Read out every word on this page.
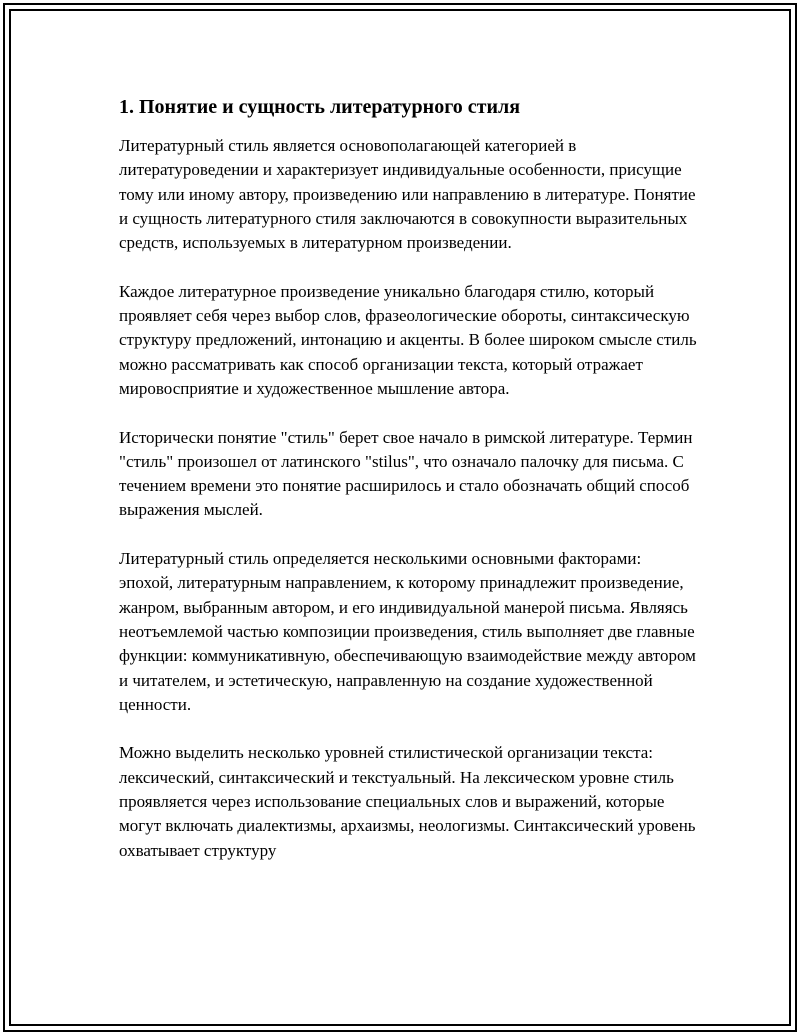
1. Понятие и сущность литературного стиля

Литературный стиль является основополагающей категорией в литературоведении и характеризует индивидуальные особенности, присущие тому или иному автору, произведению или направлению в литературе. Понятие и сущность литературного стиля заключаются в совокупности выразительных средств, используемых в литературном произведении.

Каждое литературное произведение уникально благодаря стилю, который проявляет себя через выбор слов, фразеологические обороты, синтаксическую структуру предложений, интонацию и акценты. В более широком смысле стиль можно рассматривать как способ организации текста, который отражает мировосприятие и художественное мышление автора.

Исторически понятие "стиль" берет свое начало в римской литературе. Термин "стиль" произошел от латинского "stilus", что означало палочку для письма. С течением времени это понятие расширилось и стало обозначать общий способ выражения мыслей.

Литературный стиль определяется несколькими основными факторами: эпохой, литературным направлением, к которому принадлежит произведение, жанром, выбранным автором, и его индивидуальной манерой письма. Являясь неотъемлемой частью композиции произведения, стиль выполняет две главные функции: коммуникативную, обеспечивающую взаимодействие между автором и читателем, и эстетическую, направленную на создание художественной ценности.

Можно выделить несколько уровней стилистической организации текста: лексический, синтаксический и текстуальный. На лексическом уровне стиль проявляется через использование специальных слов и выражений, которые могут включать диалектизмы, архаизмы, неологизмы. Синтаксический уровень охватывает структуру
